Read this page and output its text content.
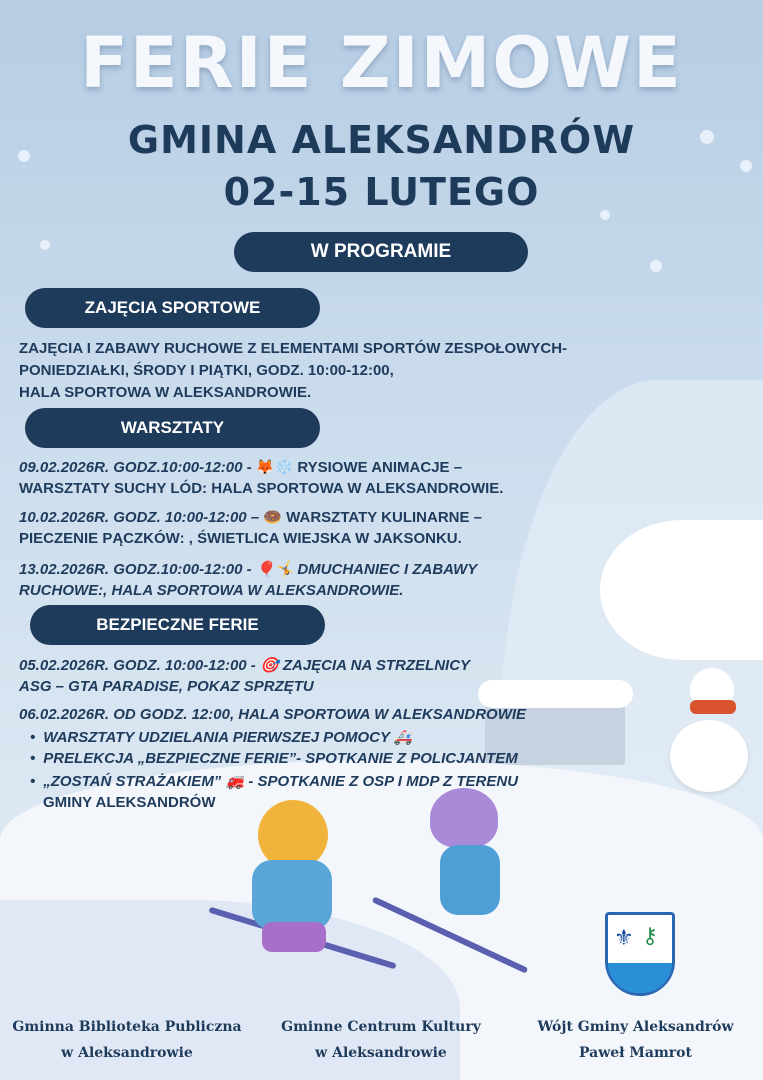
⚜ ⚷
FERIE ZIMOWE
GMINA ALEKSANDRÓW
02-15 LUTEGO
W PROGRAMIE
ZAJĘCIA SPORTOWE
ZAJĘCIA I ZABAWY RUCHOWE Z ELEMENTAMI SPORTÓW ZESPOŁOWYCH-
PONIEDZIAŁKI, ŚRODY I PIĄTKI, GODZ. 10:00-12:00,
HALA SPORTOWA W ALEKSANDROWIE.
WARSZTATY
09.02.2026R. GODZ.10:00-12:00 - 🦊❄️ RYSIOWE ANIMACJE –
WARSZTATY SUCHY LÓD: HALA SPORTOWA W ALEKSANDROWIE.
10.02.2026R. GODZ. 10:00-12:00 – 🍩 WARSZTATY KULINARNE –
PIECZENIE PĄCZKÓW: , ŚWIETLICA WIEJSKA W JAKSONKU.
13.02.2026R. GODZ.10:00-12:00 - 🎈🤸 DMUCHANIEC I ZABAWY
RUCHOWE:, HALA SPORTOWA W ALEKSANDROWIE.
BEZPIECZNE FERIE
05.02.2026R. GODZ. 10:00-12:00 - 🎯 ZAJĘCIA NA STRZELNICY
ASG – GTA PARADISE, POKAZ SPRZĘTU
06.02.2026R. OD GODZ. 12:00, HALA SPORTOWA W ALEKSANDROWIE
• WARSZTATY UDZIELANIA PIERWSZEJ POMOCY 🚑
• PRELEKCJA „BEZPIECZNE FERIE”- SPOTKANIE Z POLICJANTEM
• „ZOSTAŃ STRAŻAKIEM” 🚒 - SPOTKANIE Z OSP I MDP Z TERENU
GMINY ALEKSANDRÓW
Gminna Biblioteka Publiczna
w Aleksandrowie
Gminne Centrum Kultury
w Aleksandrowie
Wójt Gminy Aleksandrów
Paweł Mamrot
